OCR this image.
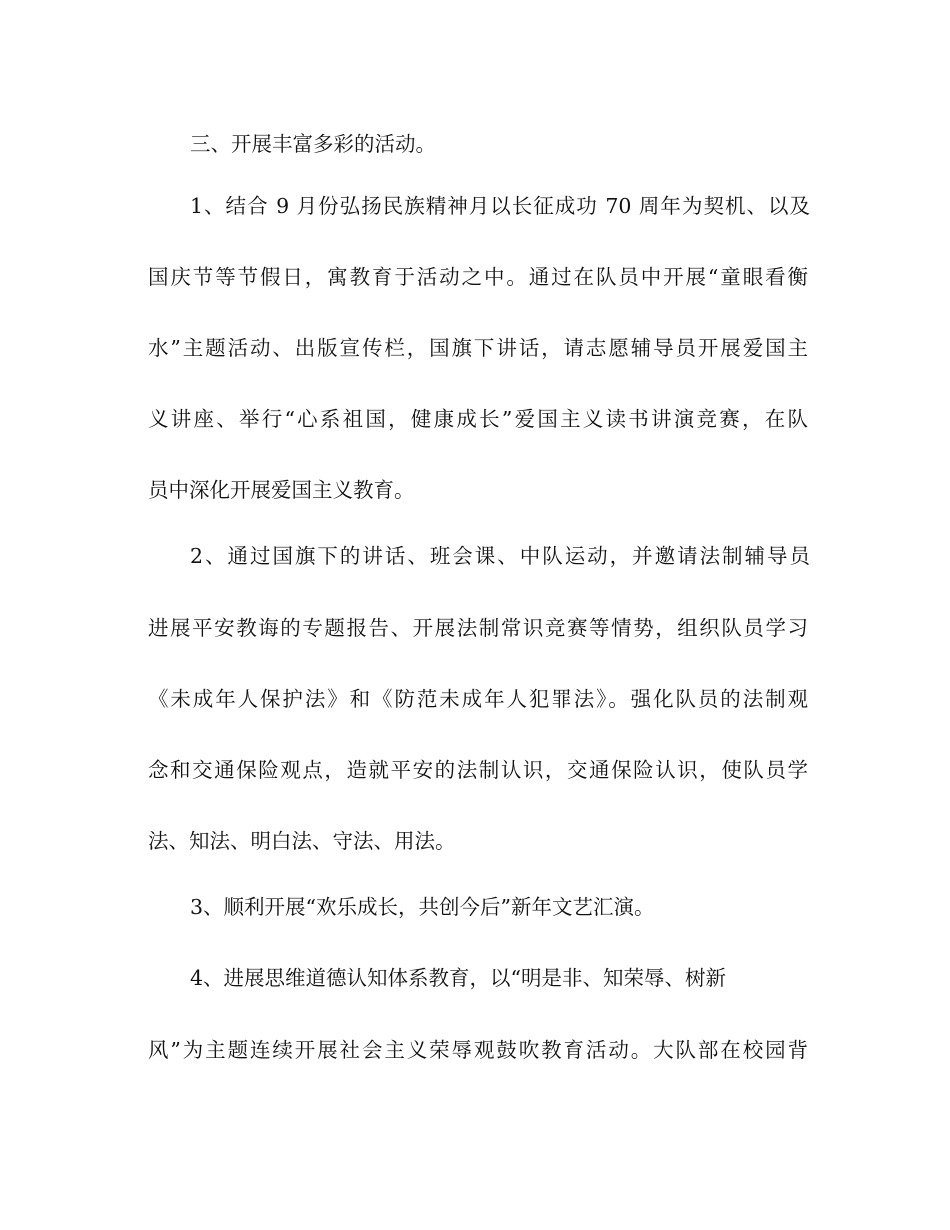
三、开展丰富多彩的活动。
1、结合 9 月份弘扬民族精神月以长征成功 70 周年为契机、以及
国庆节等节假日，寓教育于活动之中。通过在队员中开展“童眼看衡
水”主题活动、出版宣传栏，国旗下讲话，请志愿辅导员开展爱国主
义讲座、举行“心系祖国，健康成长”爱国主义读书讲演竞赛，在队
员中深化开展爱国主义教育。
2、通过国旗下的讲话、班会课、中队运动，并邀请法制辅导员
进展平安教诲的专题报告、开展法制常识竞赛等情势，组织队员学习
《未成年人保护法》和《防范未成年人犯罪法》。强化队员的法制观
念和交通保险观点，造就平安的法制认识，交通保险认识，使队员学
法、知法、明白法、守法、用法。
3、顺利开展“欢乐成长，共创今后”新年文艺汇演。
4、进展思维道德认知体系教育，以“明是非、知荣辱、树新
风”为主题连续开展社会主义荣辱观鼓吹教育活动。大队部在校园背
